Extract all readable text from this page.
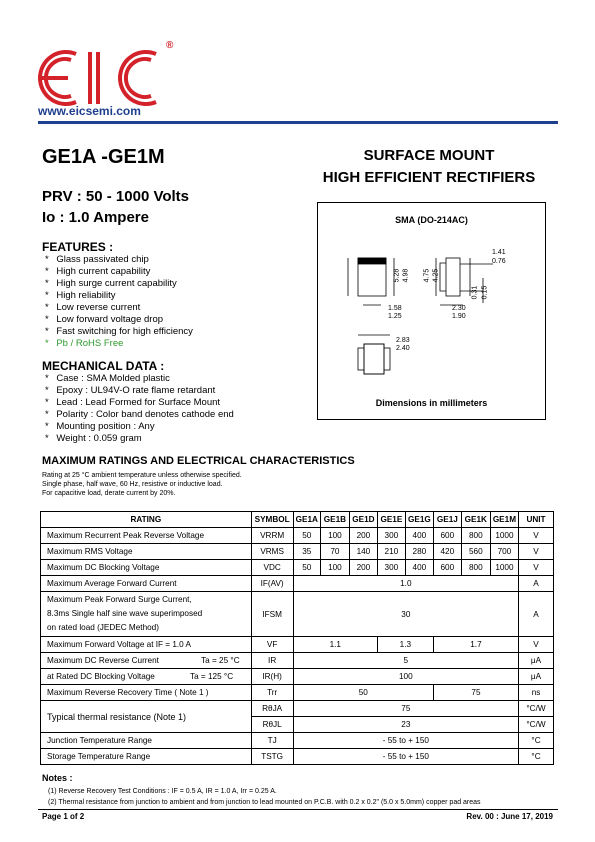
®
www.eicsemi.com
GE1A -GE1M	SURFACE MOUNT
HIGH EFFICIENT RECTIFIERS
PRV : 50 - 1000 Volts
Io : 1.0 Ampere
FEATURES :
* Glass passivated chip
* High current capability
* High surge current capability
* High reliability
* Low reverse current
* Low forward voltage drop
* Fast switching for high efficiency
* Pb / RoHS Free
MECHANICAL DATA :
* Case : SMA Molded plastic
* Epoxy : UL94V-O rate flame retardant
* Lead : Lead Formed for Surface Mount
* Polarity : Color band denotes cathode end
* Mounting position : Any
* Weight : 0.059 gram
SMA (DO-214AC)
5.28 4.98 4.75 4.25
1.58
1.25
1.41
0.76
0.31 0.15
2.30
1.90
2.83
2.40
Dimensions in millimeters
MAXIMUM RATINGS AND ELECTRICAL CHARACTERISTICS
Rating at 25 °C ambient temperature unless otherwise specified.
Single phase, half wave, 60 Hz, resistive or inductive load.
For capacitive load, derate current by 20%.
RATING	SYMBOL	GE1A	GE1B	GE1D	GE1E	GE1G	GE1J	GE1K	GE1M	UNIT
Maximum Recurrent Peak Reverse Voltage	VRRM	50	100	200	300	400	600	800	1000	V
Maximum RMS Voltage	VRMS	35	70	140	210	280	420	560	700	V
Maximum DC Blocking Voltage	VDC	50	100	200	300	400	600	800	1000	V
Maximum Average Forward Current	IF(AV)	1.0								A
Maximum Peak Forward Surge Current,
8.3ms Single half sine wave superimposed
on rated load (JEDEC Method)	IFSM	30								A
Maximum Forward Voltage at IF = 1.0 A	VF	1.1			1.3		1.7			V
Maximum DC Reverse Current Ta = 25 °C	IR	5								μA
at Rated DC Blocking Voltage Ta = 125 °C	IR(H)	100								μA
Maximum Reverse Recovery Time ( Note 1 )	Trr	50					75			ns
Typical thermal resistance (Note 1)	RθJA	75								°C/W
	RθJL	23								°C/W
Junction Temperature Range	TJ	- 55 to + 150								°C
Storage Temperature Range	TSTG	- 55 to + 150								°C
Notes :
(1) Reverse Recovery Test Conditions : IF = 0.5 A, IR = 1.0 A, Irr = 0.25 A.
(2) Thermal resistance from junction to ambient and from junction to lead mounted on P.C.B. with 0.2 x 0.2" (5.0 x 5.0mm) copper pad areas
Page 1 of 2	Rev. 00 : June 17, 2019
